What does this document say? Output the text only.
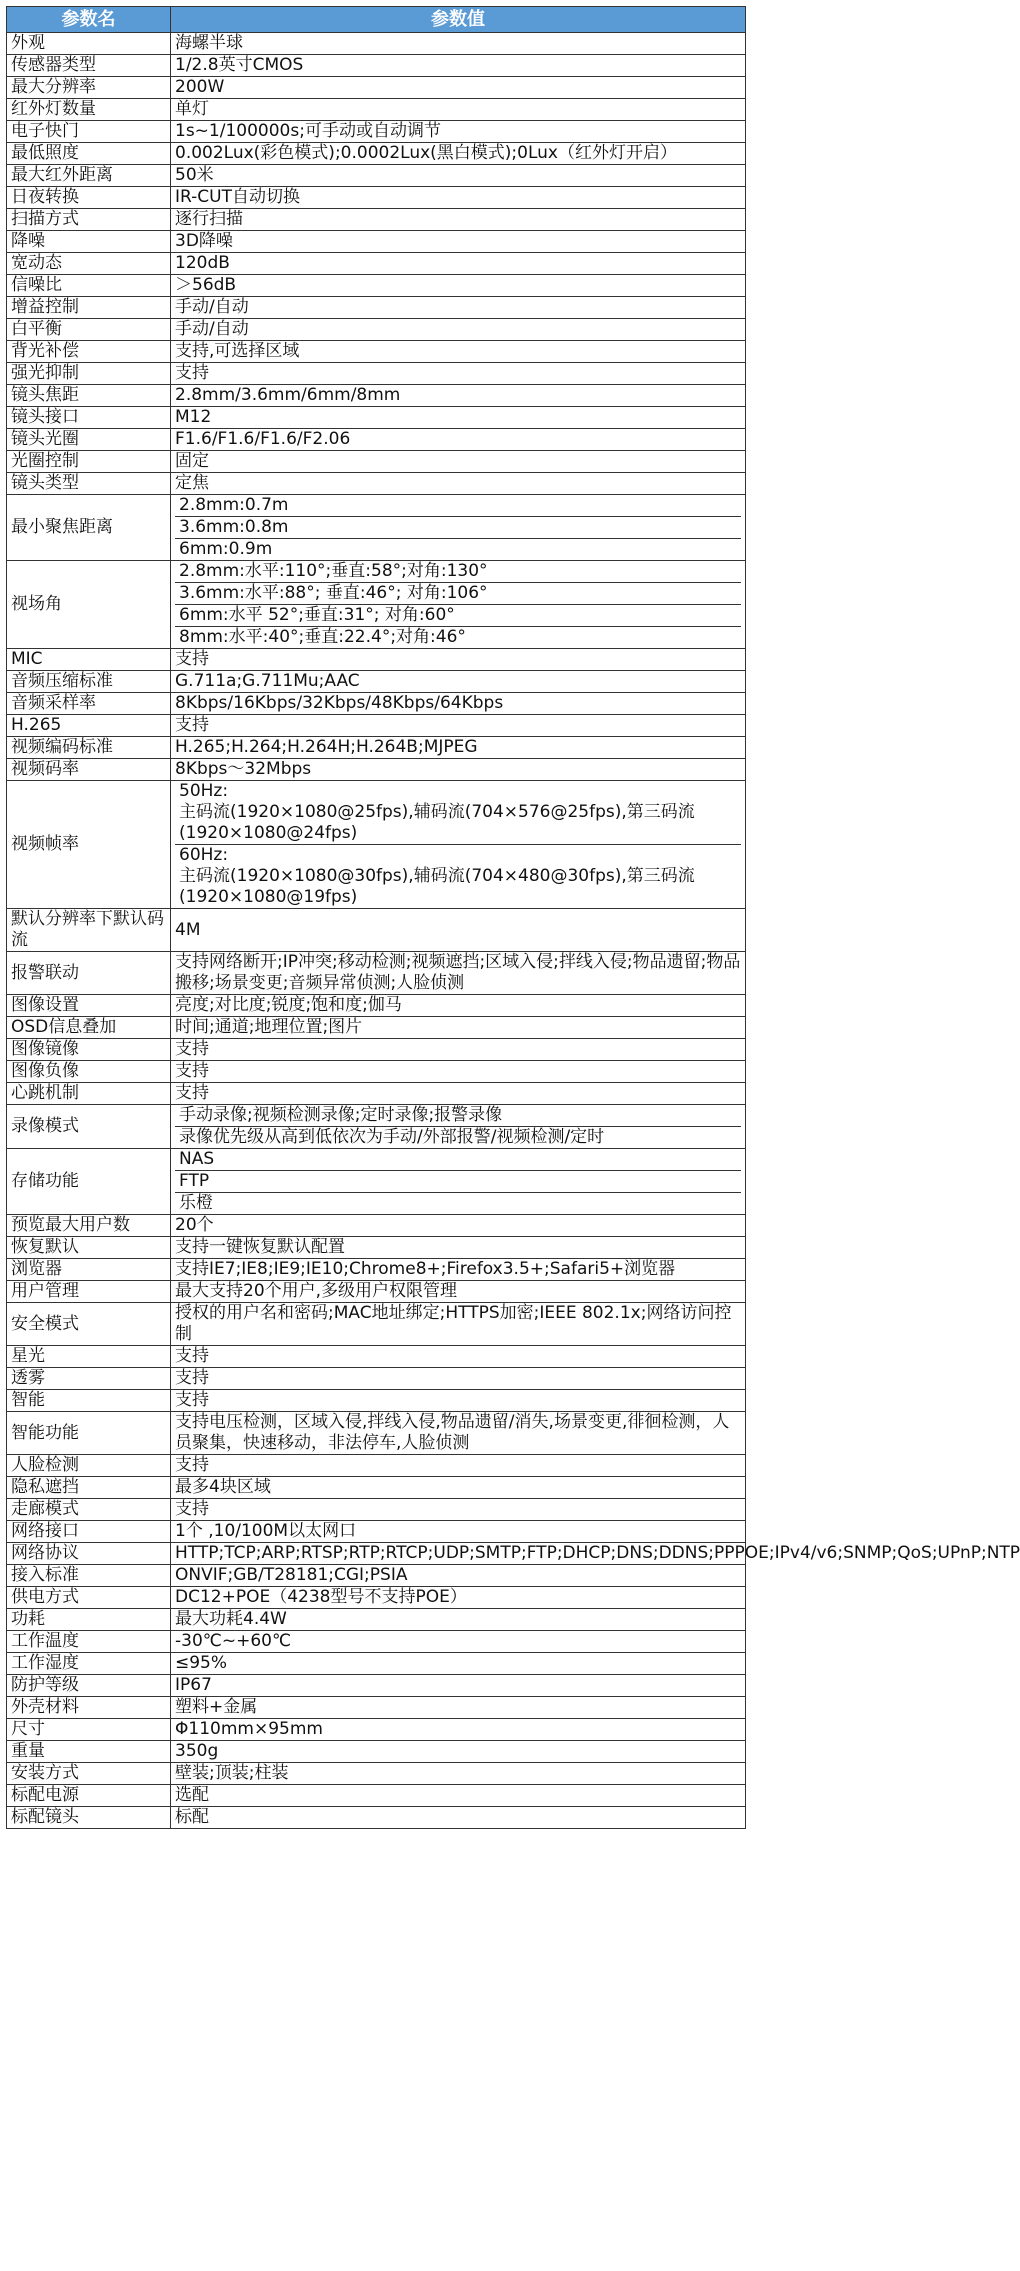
参数名	参数值
外观	海螺半球

传感器类型	1/2.8英寸CMOS

最大分辨率	200W

红外灯数量	单灯

电子快门	1s~1/100000s;可手动或自动调节

最低照度	0.002Lux(彩色模式);0.0002Lux(黑白模式);0Lux（红外灯开启）

最大红外距离	50米

日夜转换	IR-CUT自动切换

扫描方式	逐行扫描

降噪	3D降噪

宽动态	120dB

信噪比	＞56dB

增益控制	手动/自动

白平衡	手动/自动

背光补偿	支持,可选择区域

强光抑制	支持

镜头焦距	2.8mm/3.6mm/6mm/8mm

镜头接口	M12

镜头光圈	F1.6/F1.6/F1.6/F2.06

光圈控制	固定

镜头类型	定焦

最小聚焦距离	2.8mm:0.7m
3.6mm:0.8m
6mm:0.9m

视场角	2.8mm:水平:110°;垂直:58°;对角:130°
3.6mm:水平:88°; 垂直:46°; 对角:106°
6mm:水平 52°;垂直:31°; 对角:60°
8mm:水平:40°;垂直:22.4°;对角:46°

MIC	支持

音频压缩标准	G.711a;G.711Mu;AAC

音频采样率	8Kbps/16Kbps/32Kbps/48Kbps/64Kbps

H.265	支持

视频编码标准	H.265;H.264;H.264H;H.264B;MJPEG

视频码率	8Kbps～32Mbps

视频帧率	50Hz:
主码流(1920×1080@25fps),辅码流(704×576@25fps),第三码流(1920×1080@24fps)
60Hz:
主码流(1920×1080@30fps),辅码流(704×480@30fps),第三码流(1920×1080@19fps)

默认分辨率下默认码流	4M

报警联动	支持网络断开;IP冲突;移动检测;视频遮挡;区域入侵;拌线入侵;物品遗留;物品搬移;场景变更;音频异常侦测;人脸侦测

图像设置	亮度;对比度;锐度;饱和度;伽马

OSD信息叠加	时间;通道;地理位置;图片

图像镜像	支持

图像负像	支持

心跳机制	支持

录像模式	手动录像;视频检测录像;定时录像;报警录像
录像优先级从高到低依次为手动/外部报警/视频检测/定时

存储功能	NAS
FTP
乐橙

预览最大用户数	20个

恢复默认	支持一键恢复默认配置

浏览器	支持IE7;IE8;IE9;IE10;Chrome8+;Firefox3.5+;Safari5+浏览器

用户管理	最大支持20个用户,多级用户权限管理

安全模式	授权的用户名和密码;MAC地址绑定;HTTPS加密;IEEE 802.1x;网络访问控制

星光	支持

透雾	支持

智能	支持

智能功能	支持电压检测，区域入侵,拌线入侵,物品遗留/消失,场景变更,徘徊检测，人员聚集，快速移动，非法停车,人脸侦测

人脸检测	支持

隐私遮挡	最多4块区域

走廊模式	支持

网络接口	1个 ,10/100M以太网口

网络协议	HTTP;TCP;ARP;RTSP;RTP;RTCP;UDP;SMTP;FTP;DHCP;DNS;DDNS;PPPOE;IPv4/v6;SNMP;QoS;UPnP;NTP

接入标准	ONVIF;GB/T28181;CGI;PSIA

供电方式	DC12+POE（4238型号不支持POE）

功耗	最大功耗4.4W

工作温度	-30℃~+60℃

工作湿度	≤95%

防护等级	IP67

外壳材料	塑料+金属

尺寸	Φ110mm×95mm

重量	350g

安装方式	壁装;顶装;柱装

标配电源	选配

标配镜头	标配
